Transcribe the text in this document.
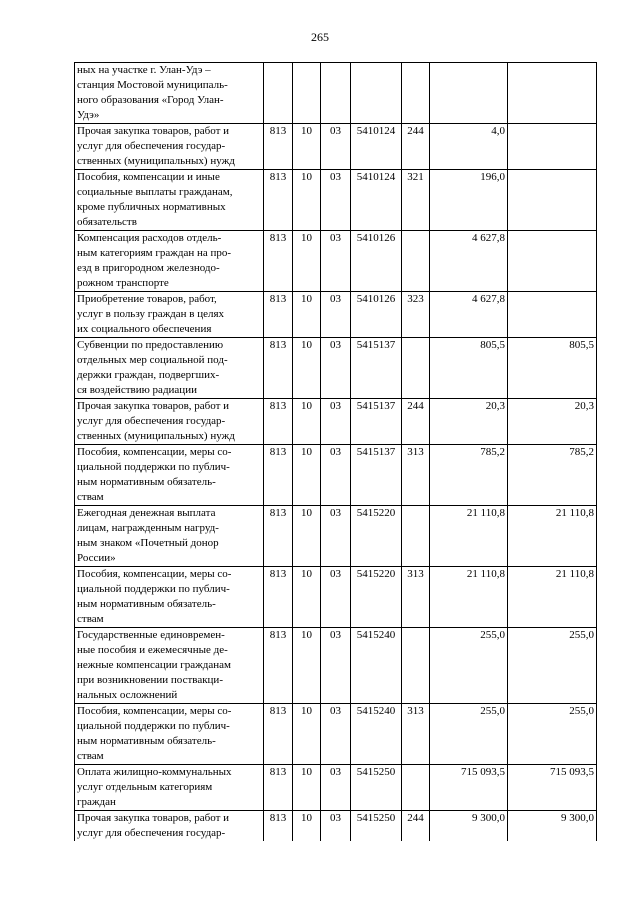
265
ных на участке г. Улан-Удэ –
станция Мостовой муниципаль-
ного образования «Город Улан-
Удэ»							
Прочая закупка товаров, работ и
услуг для обеспечения государ-
ственных (муниципальных) нужд	813	10	03	5410124	244	4,0	
Пособия, компенсации и иные
социальные выплаты гражданам,
кроме публичных нормативных
обязательств	813	10	03	5410124	321	196,0	
Компенсация расходов отдель-
ным категориям граждан на про-
езд в пригородном железнодо-
рожном транспорте	813	10	03	5410126		4 627,8	
Приобретение товаров, работ,
услуг в пользу граждан в целях
их социального обеспечения	813	10	03	5410126	323	4 627,8	
Субвенции по предоставлению
отдельных мер социальной под-
держки граждан, подвергших-
ся воздействию радиации	813	10	03	5415137		805,5	805,5
Прочая закупка товаров, работ и
услуг для обеспечения государ-
ственных (муниципальных) нужд	813	10	03	5415137	244	20,3	20,3
Пособия, компенсации, меры со-
циальной поддержки по публич-
ным нормативным обязатель-
ствам	813	10	03	5415137	313	785,2	785,2
Ежегодная денежная выплата
лицам, награжденным нагруд-
ным знаком «Почетный донор
России»	813	10	03	5415220		21 110,8	21 110,8
Пособия, компенсации, меры со-
циальной поддержки по публич-
ным нормативным обязатель-
ствам	813	10	03	5415220	313	21 110,8	21 110,8
Государственные единовремен-
ные пособия и ежемесячные де-
нежные компенсации гражданам
при возникновении поствакци-
нальных осложнений	813	10	03	5415240		255,0	255,0
Пособия, компенсации, меры со-
циальной поддержки по публич-
ным нормативным обязатель-
ствам	813	10	03	5415240	313	255,0	255,0
Оплата жилищно-коммунальных
услуг отдельным категориям
граждан	813	10	03	5415250		715 093,5	715 093,5
Прочая закупка товаров, работ и
услуг для обеспечения государ-	813	10	03	5415250	244	9 300,0	9 300,0
